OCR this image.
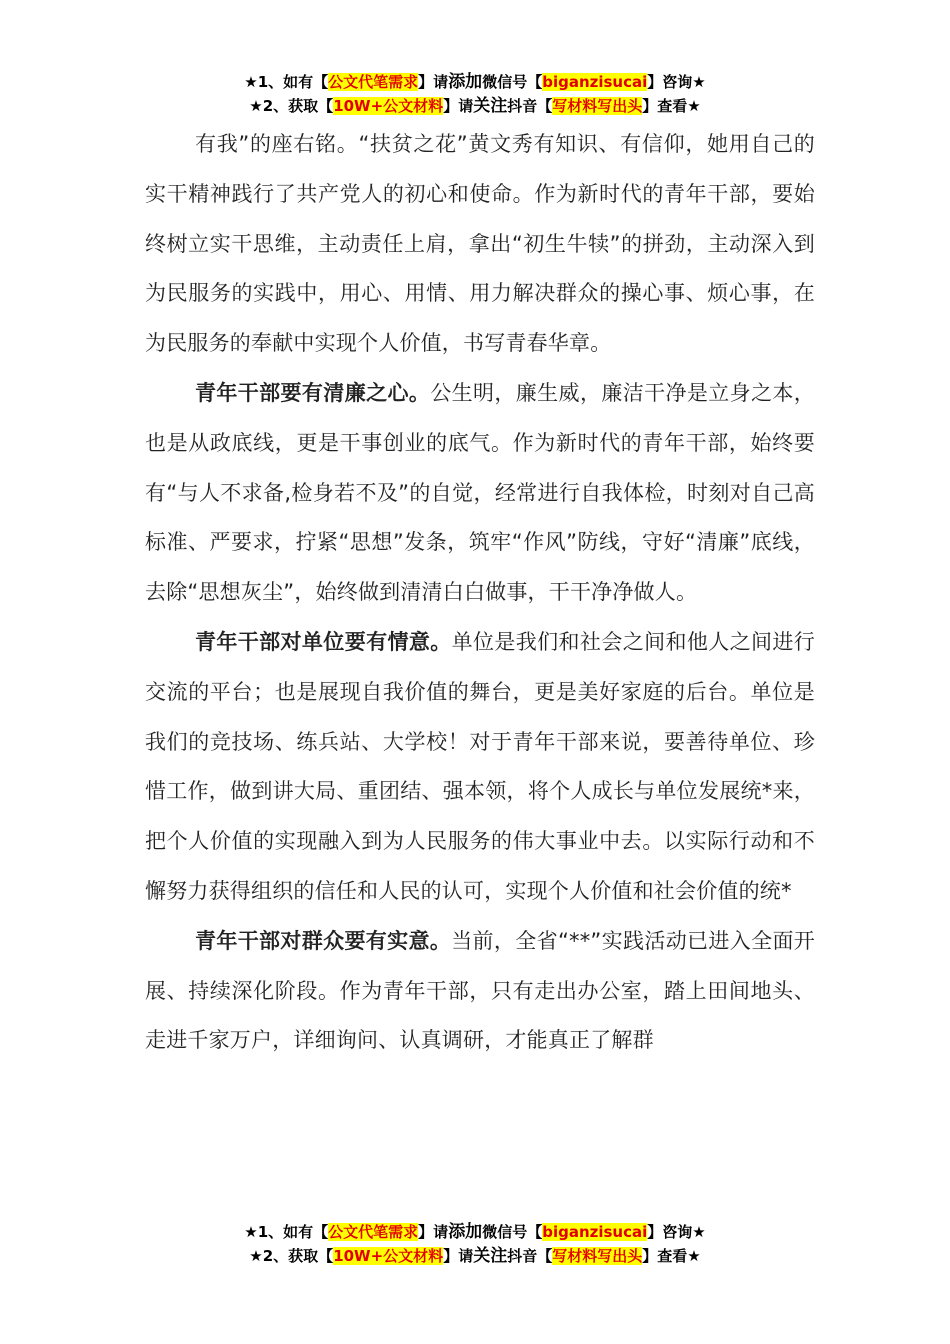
★1、如有【公文代笔需求】请添加微信号【biganzisucai】咨询★
★2、获取【10W+公文材料】请关注抖音【写材料写出头】查看★

有我”的座右铭。“扶贫之花”黄文秀有知识、有信仰，她用自己的实干精神践行了共产党人的初心和使命。作为新时代的青年干部，要始终树立实干思维，主动责任上肩，拿出“初生牛犊”的拼劲，主动深入到为民服务的实践中，用心、用情、用力解决群众的操心事、烦心事，在为民服务的奉献中实现个人价值，书写青春华章。

青年干部要有清廉之心。公生明，廉生威，廉洁干净是立身之本，也是从政底线，更是干事创业的底气。作为新时代的青年干部，始终要有“与人不求备,检身若不及”的自觉，经常进行自我体检，时刻对自己高标准、严要求，拧紧“思想”发条，筑牢“作风”防线，守好“清廉”底线，去除“思想灰尘”，始终做到清清白白做事，干干净净做人。

青年干部对单位要有情意。单位是我们和社会之间和他人之间进行交流的平台；也是展现自我价值的舞台，更是美好家庭的后台。单位是我们的竞技场、练兵站、大学校！对于青年干部来说，要善待单位、珍惜工作，做到讲大局、重团结、强本领，将个人成长与单位发展统*来，把个人价值的实现融入到为人民服务的伟大事业中去。以实际行动和不懈努力获得组织的信任和人民的认可，实现个人价值和社会价值的统*

青年干部对群众要有实意。当前，全省“**”实践活动已进入全面开展、持续深化阶段。作为青年干部，只有走出办公室，踏上田间地头、走进千家万户，详细询问、认真调研，才能真正了解群

★1、如有【公文代笔需求】请添加微信号【biganzisucai】咨询★
★2、获取【10W+公文材料】请关注抖音【写材料写出头】查看★
